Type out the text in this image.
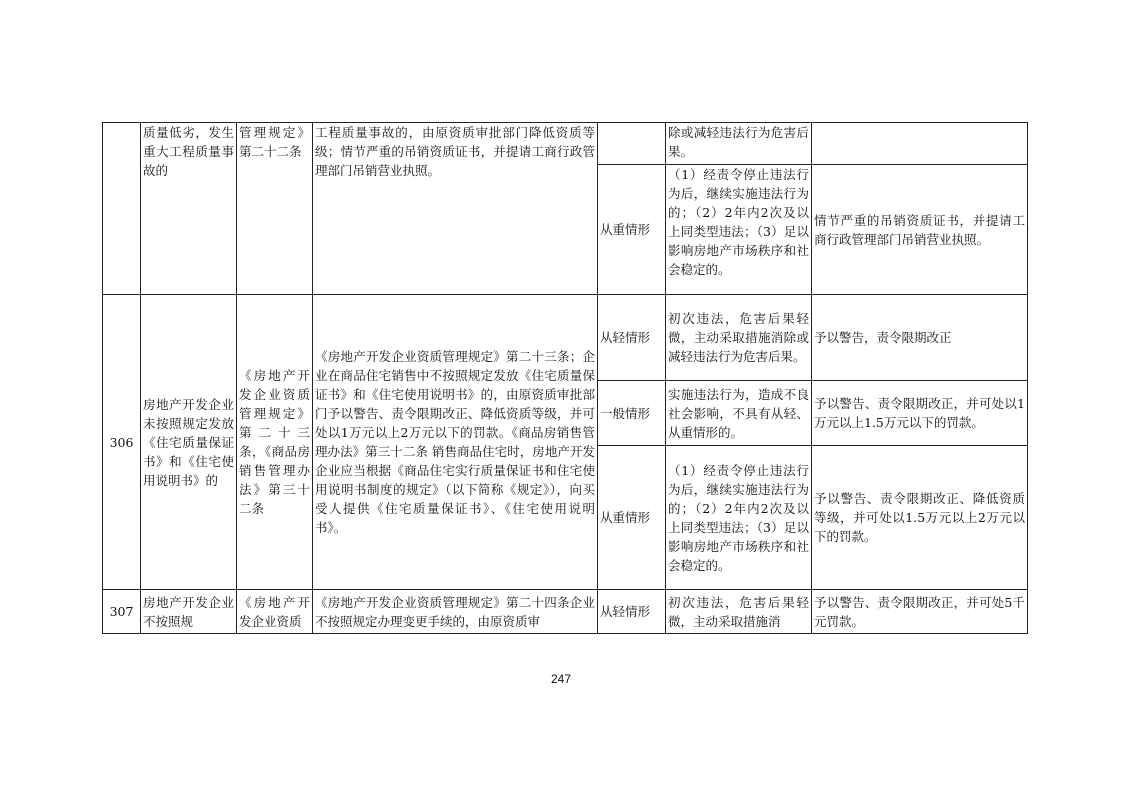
	质量低劣，发生重大工程质量事故的	管理规定》第二十二条	工程质量事故的，由原资质审批部门降低资质等级；情节严重的吊销资质证书，并提请工商行政管理部门吊销营业执照。		除或减轻违法行为危害后果。	
				从重情形	（1）经责令停止违法行为后，继续实施违法行为的；（2）2年内2次及以上同类型违法；（3）足以影响房地产市场秩序和社会稳定的。	情节严重的吊销资质证书，并提请工商行政管理部门吊销营业执照。
306	房地产开发企业未按照规定发放《住宅质量保证书》和《住宅使用说明书》的	《房地产开发企业资质管理规定》第二十三条，《商品房销售管理办法》第三十二条	《房地产开发企业资质管理规定》第二十三条；企业在商品住宅销售中不按照规定发放《住宅质量保证书》和《住宅使用说明书》的，由原资质审批部门予以警告、责令限期改正、降低资质等级，并可处以1万元以上2万元以下的罚款。《商品房销售管理办法》第三十二条 销售商品住宅时，房地产开发企业应当根据《商品住宅实行质量保证书和住宅使用说明书制度的规定》（以下简称《规定》），向买受人提供《住宅质量保证书》、《住宅使用说明书》。	从轻情形	初次违法，危害后果轻微，主动采取措施消除或减轻违法行为危害后果。	予以警告，责令限期改正
				一般情形	实施违法行为，造成不良社会影响，不具有从轻、从重情形的。	予以警告、责令限期改正，并可处以1万元以上1.5万元以下的罚款。
				从重情形	（1）经责令停止违法行为后，继续实施违法行为的；（2）2年内2次及以上同类型违法；（3）足以影响房地产市场秩序和社会稳定的。	予以警告、责令限期改正、降低资质等级，并可处以1.5万元以上2万元以下的罚款。
307	房地产开发企业不按照规	《房地产开发企业资质	《房地产开发企业资质管理规定》第二十四条企业不按照规定办理变更手续的，由原资质审	从轻情形	初次违法，危害后果轻微，主动采取措施消	予以警告、责令限期改正，并可处5千元罚款。
247
